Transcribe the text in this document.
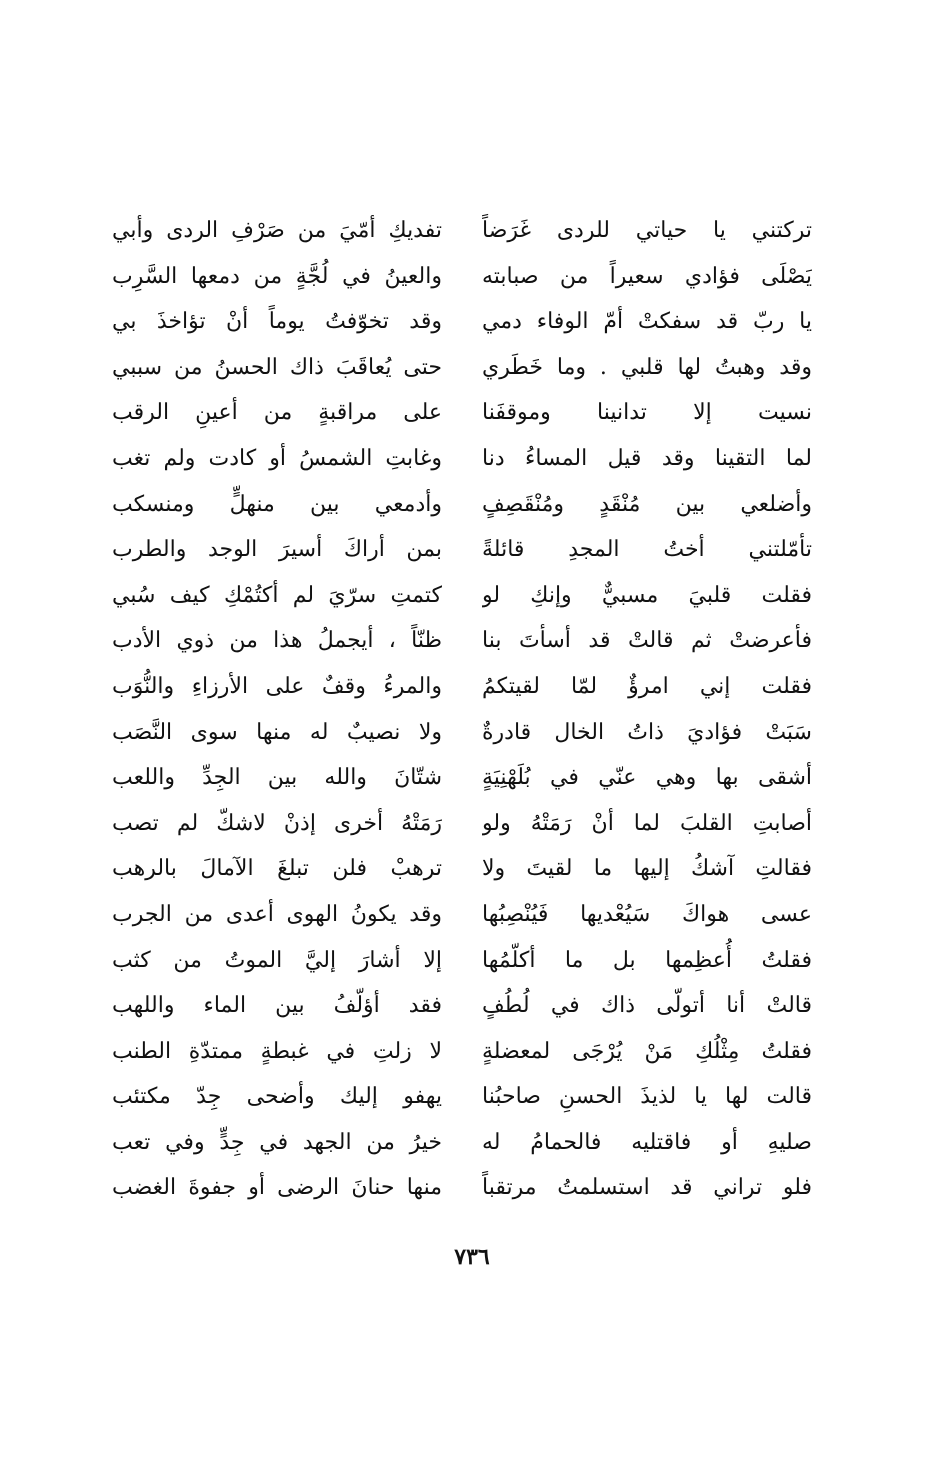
تركتني يا حياتي للردى غَرَضاً
يَصْلَى فؤادي سعيراً من صبابته
يا ربّ قد سفكتْ أمّ الوفاء دمي
وقد وهبتُ لها قلبي . وما خَطَري
نسيت إلا تدانينا وموقفَنا
لما التقينا وقد قيل المساءُ دنا
وأضلعي بين مُنْقَدٍ ومُنْقَصِفٍ
تأمّلتني أختُ المجدِ قائلةً
فقلت قلبيَ مسبيٌّ وإنكِ لو
فأعرضتْ ثم قالتْ قد أسأتَ بنا
فقلت إني امرؤٌ لمّا لقيتكمُ
سَبَتْ فؤاديَ ذاتُ الخال قادرةٌ
أشقى بها وهي عنّي في بُلَهْنِيَةٍ
أصابتِ القلبَ لما أنْ رَمَتْهُ ولو
فقالتِ آشكُ إليها ما لقيتَ ولا
عسى هواكَ سَيُعْديها فَيُنْصِبُها
فقلتُ أُعظِمها بل ما أكلّمُها
قالتْ أنا أتولّى ذاك في لُطُفٍ
فقلتُ مِثْلُكِ مَنْ يُرْجَى لمعضلةٍ
قالت لها يا لذيذَ الحسنِ صاحبُنا
صليهِ أو فاقتليه فالحمامُ له
فلو تراني قد استسلمتُ مرتقباً
تفديكِ أمّيَ من صَرْفِ الردى وأبي
والعينُ في لُجَّةٍ من دمعها السَّرِب
وقد تخوّفتُ يوماً أنْ تؤاخذَ بي
حتى يُعاقَبَ ذاك الحسنُ من سببي
على مراقبةٍ من أعينِ الرقب
وغابتِ الشمسُ أو كادت ولم تغب
وأدمعي بين منهلٍّ ومنسكب
بمن أراكَ أسيرَ الوجد والطرب
كتمتِ سرّيَ لم أكتُمْكِ كيف سُبي
ظنّاً ، أيجملُ هذا من ذوي الأدب
والمرءُ وقفٌ على الأرزاءِ والنُّوَب
ولا نصيبٌ له منها سوى النَّصَب
شتّانَ والله بين الجِدِّ واللعب
رَمَتْهُ أخرى إذنْ لاشكّ لم تصب
ترهبْ فلن تبلغَ الآمالَ بالرهب
وقد يكونُ الهوى أعدى من الجرب
إلا أشارَ إليَّ الموتُ من كثب
فقد أؤلّفُ بين الماء واللهب
لا زلتِ في غبطةٍ ممتدّةِ الطنب
يهفو إليك وأضحى جِدّ مكتئب
خيرُ من الجهد في جِدٍّ وفي تعب
منها حنانَ الرضى أو جفوةَ الغضب
٧٣٦
